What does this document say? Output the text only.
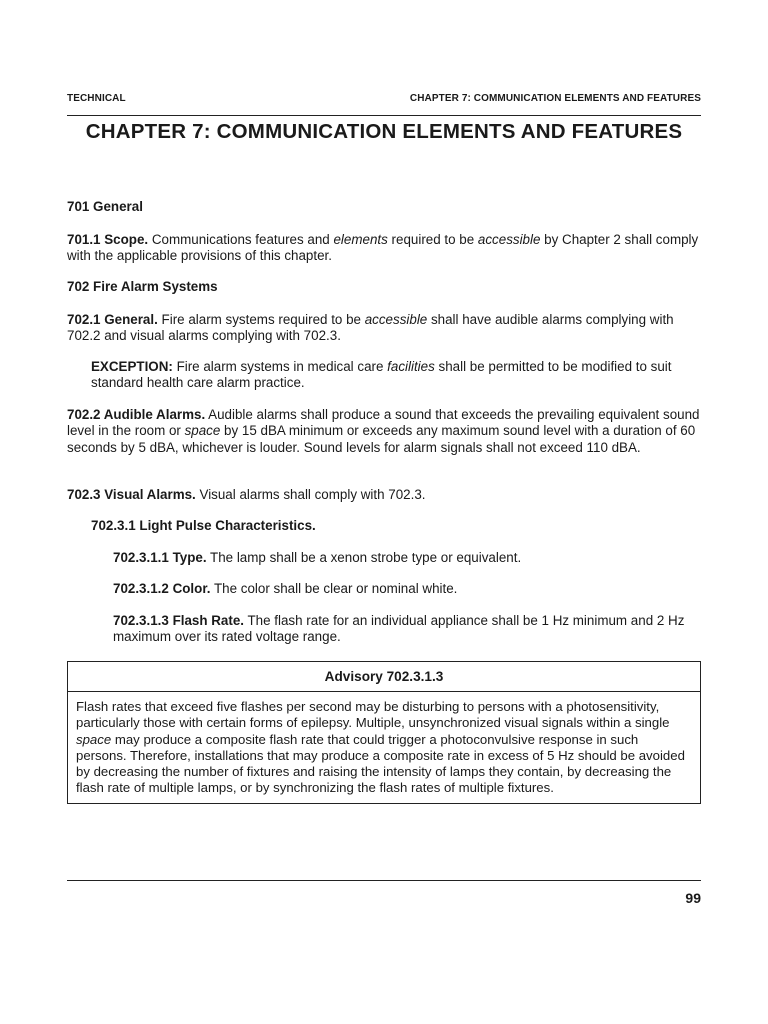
TECHNICAL	CHAPTER 7: COMMUNICATION ELEMENTS AND FEATURES
CHAPTER 7: COMMUNICATION ELEMENTS AND FEATURES
701 General

701.1 Scope. Communications features and elements required to be accessible by Chapter 2 shall comply with the applicable provisions of this chapter.

702 Fire Alarm Systems

702.1 General. Fire alarm systems required to be accessible shall have audible alarms complying with 702.2 and visual alarms complying with 702.3.

EXCEPTION: Fire alarm systems in medical care facilities shall be permitted to be modified to suit standard health care alarm practice.

702.2 Audible Alarms. Audible alarms shall produce a sound that exceeds the prevailing equivalent sound level in the room or space by 15 dBA minimum or exceeds any maximum sound level with a duration of 60 seconds by 5 dBA, whichever is louder. Sound levels for alarm signals shall not exceed 110 dBA.

702.3 Visual Alarms. Visual alarms shall comply with 702.3.

702.3.1 Light Pulse Characteristics.

702.3.1.1 Type. The lamp shall be a xenon strobe type or equivalent.

702.3.1.2 Color. The color shall be clear or nominal white.

702.3.1.3 Flash Rate. The flash rate for an individual appliance shall be 1 Hz minimum and 2 Hz maximum over its rated voltage range.

Advisory 702.3.1.3
Flash rates that exceed five flashes per second may be disturbing to persons with a photosensitivity, particularly those with certain forms of epilepsy. Multiple, unsynchronized visual signals within a single space may produce a composite flash rate that could trigger a photoconvulsive response in such persons. Therefore, installations that may produce a composite rate in excess of 5 Hz should be avoided by decreasing the number of fixtures and raising the intensity of lamps they contain, by decreasing the flash rate of multiple lamps, or by synchronizing the flash rates of multiple fixtures.
99
